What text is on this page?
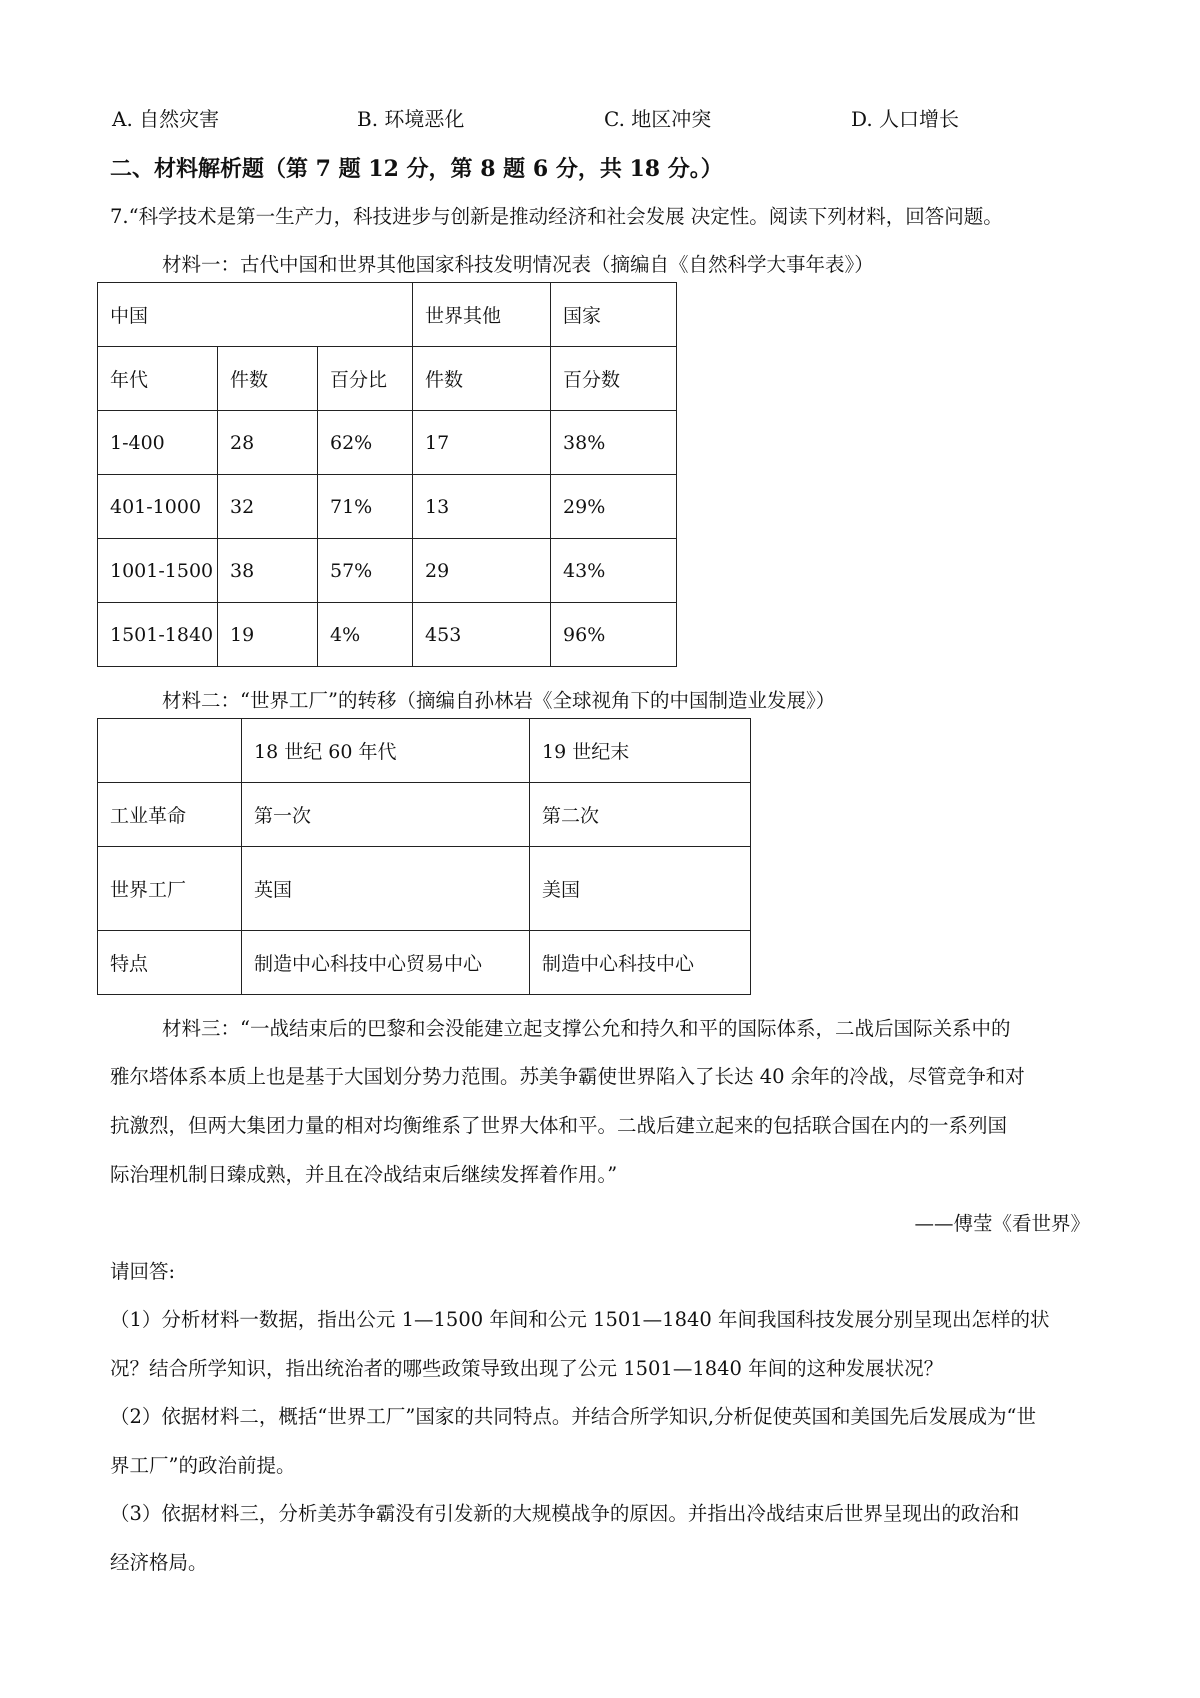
A. 自然灾害	B. 环境恶化	C. 地区冲突	D. 人口增长
二、材料解析题（第 7 题 12 分，第 8 题 6 分，共 18 分。）
7.“科学技术是第一生产力，科技进步与创新是推动经济和社会发展 决定性。阅读下列材料，回答问题。
材料一：古代中国和世界其他国家科技发明情况表（摘编自《自然科学大事年表》）
中国			世界其他	国家
年代	件数	百分比	件数	百分数
1-400	28	62%	17	38%
401-1000	32	71%	13	29%
1001-1500	38	57%	29	43%
1501-1840	19	4%	453	96%
材料二：“世界工厂”的转移（摘编自孙林岩《全球视角下的中国制造业发展》）
	18 世纪 60 年代	19 世纪末
工业革命	第一次	第二次
世界工厂	英国	美国
特点	制造中心科技中心贸易中心	制造中心科技中心
材料三：“一战结束后的巴黎和会没能建立起支撑公允和持久和平的国际体系，二战后国际关系中的
雅尔塔体系本质上也是基于大国划分势力范围。苏美争霸使世界陷入了长达 40 余年的冷战，尽管竞争和对
抗激烈，但两大集团力量的相对均衡维系了世界大体和平。二战后建立起来的包括联合国在内的一系列国
际治理机制日臻成熟，并且在冷战结束后继续发挥着作用。”
——傅莹《看世界》
请回答:
（1）分析材料一数据，指出公元 1—1500 年间和公元 1501—1840 年间我国科技发展分别呈现出怎样的状
况？结合所学知识，指出统治者的哪些政策导致出现了公元 1501—1840 年间的这种发展状况？
（2）依据材料二，概括“世界工厂”国家的共同特点。并结合所学知识,分析促使英国和美国先后发展成为“世
界工厂”的政治前提。
（3）依据材料三，分析美苏争霸没有引发新的大规模战争的原因。并指出冷战结束后世界呈现出的政治和
经济格局。
